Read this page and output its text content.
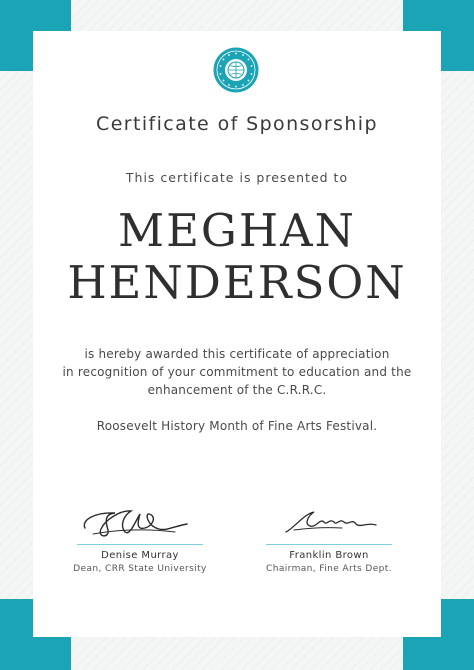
Certificate of Sponsorship
This certificate is presented to
MEGHAN
HENDERSON
is hereby awarded this certificate of appreciation
in recognition of your commitment to education and the
enhancement of the C.R.R.C.
Roosevelt History Month of Fine Arts Festival.
Denise Murray
Dean, CRR State University
Franklin Brown
Chairman, Fine Arts Dept.
